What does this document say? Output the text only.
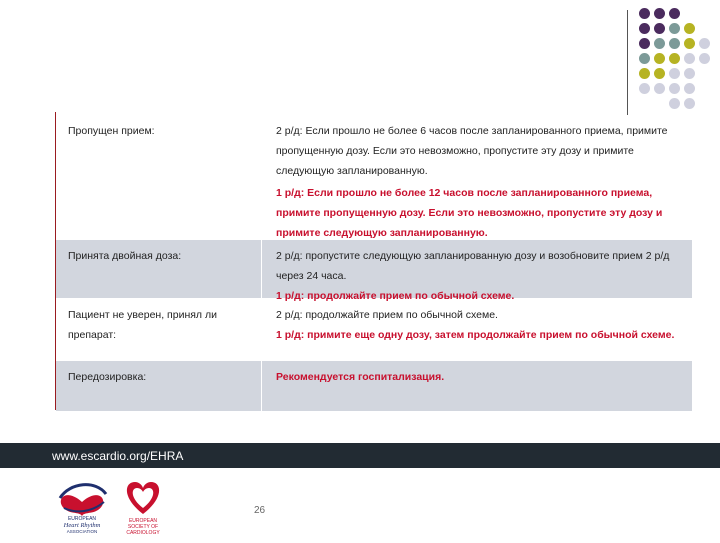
Пропущен прием:	2 р/д: Если прошло не более 6 часов после запланированного приема, примите пропущенную дозу. Если это невозможно, пропустите эту дозу и примите следующую запланированную.
1 р/д: Если прошло не более 12 часов после запланированного приема, примите пропущенную дозу. Если это невозможно, пропустите эту дозу и примите следующую запланированную.
Принята двойная доза:	2 р/д: пропустите следующую запланированную дозу и возобновите прием 2 р/д через 24 часа.
1 р/д: продолжайте прием по обычной схеме.
Пациент не уверен, принял ли препарат:
2 р/д: продолжайте прием по обычной схеме.
1 р/д: примите еще одну дозу, затем продолжайте прием по обычной схеме.
Передозировка:	Рекомендуется госпитализация.
www.escardio.org/EHRA
EUROPEAN
Heart Rhythm
ASSOCIATION
EUROPEAN
SOCIETY OF
CARDIOLOGY
26
